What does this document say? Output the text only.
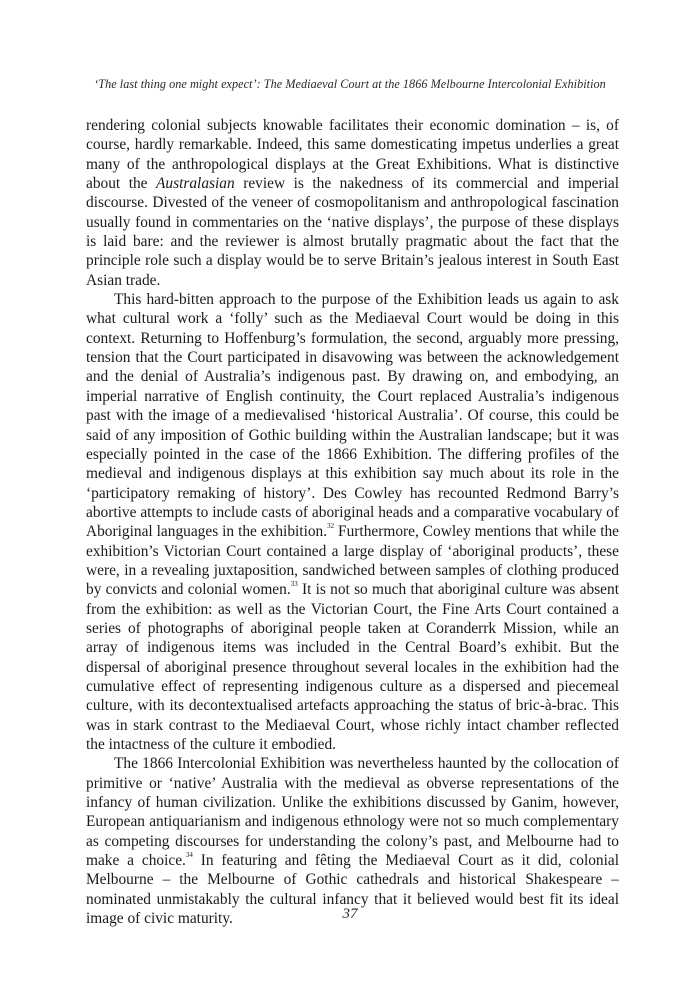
‘The last thing one might expect’: The Mediaeval Court at the 1866 Melbourne Intercolonial Exhibition

rendering colonial subjects knowable facilitates their economic domination – is, of course, hardly remarkable. Indeed, this same domesticating impetus underlies a great many of the anthropological displays at the Great Exhibitions. What is distinctive about the Australasian review is the nakedness of its commercial and imperial discourse. Divested of the veneer of cosmopolitanism and anthropological fascination usually found in commentaries on the ‘native displays’, the purpose of these displays is laid bare: and the reviewer is almost brutally pragmatic about the fact that the principle role such a display would be to serve Britain’s jealous interest in South East Asian trade.

This hard-bitten approach to the purpose of the Exhibition leads us again to ask what cultural work a ‘folly’ such as the Mediaeval Court would be doing in this context. Returning to Hoffenburg’s formulation, the second, arguably more pressing, tension that the Court participated in disavowing was between the acknowledgement and the denial of Australia’s indigenous past. By drawing on, and embodying, an imperial narrative of English continuity, the Court replaced Australia’s indigenous past with the image of a medievalised ‘historical Australia’. Of course, this could be said of any imposition of Gothic building within the Australian landscape; but it was especially pointed in the case of the 1866 Exhibition. The differing profiles of the medieval and indigenous displays at this exhibition say much about its role in the ‘participatory remaking of history’. Des Cowley has recounted Redmond Barry’s abortive attempts to include casts of aboriginal heads and a comparative vocabulary of Aboriginal languages in the exhibition.$^{32}$ Furthermore, Cowley mentions that while the exhibition’s Victorian Court contained a large display of ‘aboriginal products’, these were, in a revealing juxtaposition, sandwiched between samples of clothing produced by convicts and colonial women.$^{33}$ It is not so much that aboriginal culture was absent from the exhibition: as well as the Victorian Court, the Fine Arts Court contained a series of photographs of aboriginal people taken at Coranderrk Mission, while an array of indigenous items was included in the Central Board’s exhibit. But the dispersal of aboriginal presence throughout several locales in the exhibition had the cumulative effect of representing indigenous culture as a dispersed and piecemeal culture, with its decontextualised artefacts approaching the status of bric-à-brac. This was in stark contrast to the Mediaeval Court, whose richly intact chamber reflected the intactness of the culture it embodied.

The 1866 Intercolonial Exhibition was nevertheless haunted by the collocation of primitive or ‘native’ Australia with the medieval as obverse representations of the infancy of human civilization. Unlike the exhibitions discussed by Ganim, however, European antiquarianism and indigenous ethnology were not so much complementary as competing discourses for understanding the colony’s past, and Melbourne had to make a choice.$^{34}$ In featuring and fêting the Mediaeval Court as it did, colonial Melbourne – the Melbourne of Gothic cathedrals and historical Shakespeare – nominated unmistakably the cultural infancy that it believed would best fit its ideal image of civic maturity.	37
